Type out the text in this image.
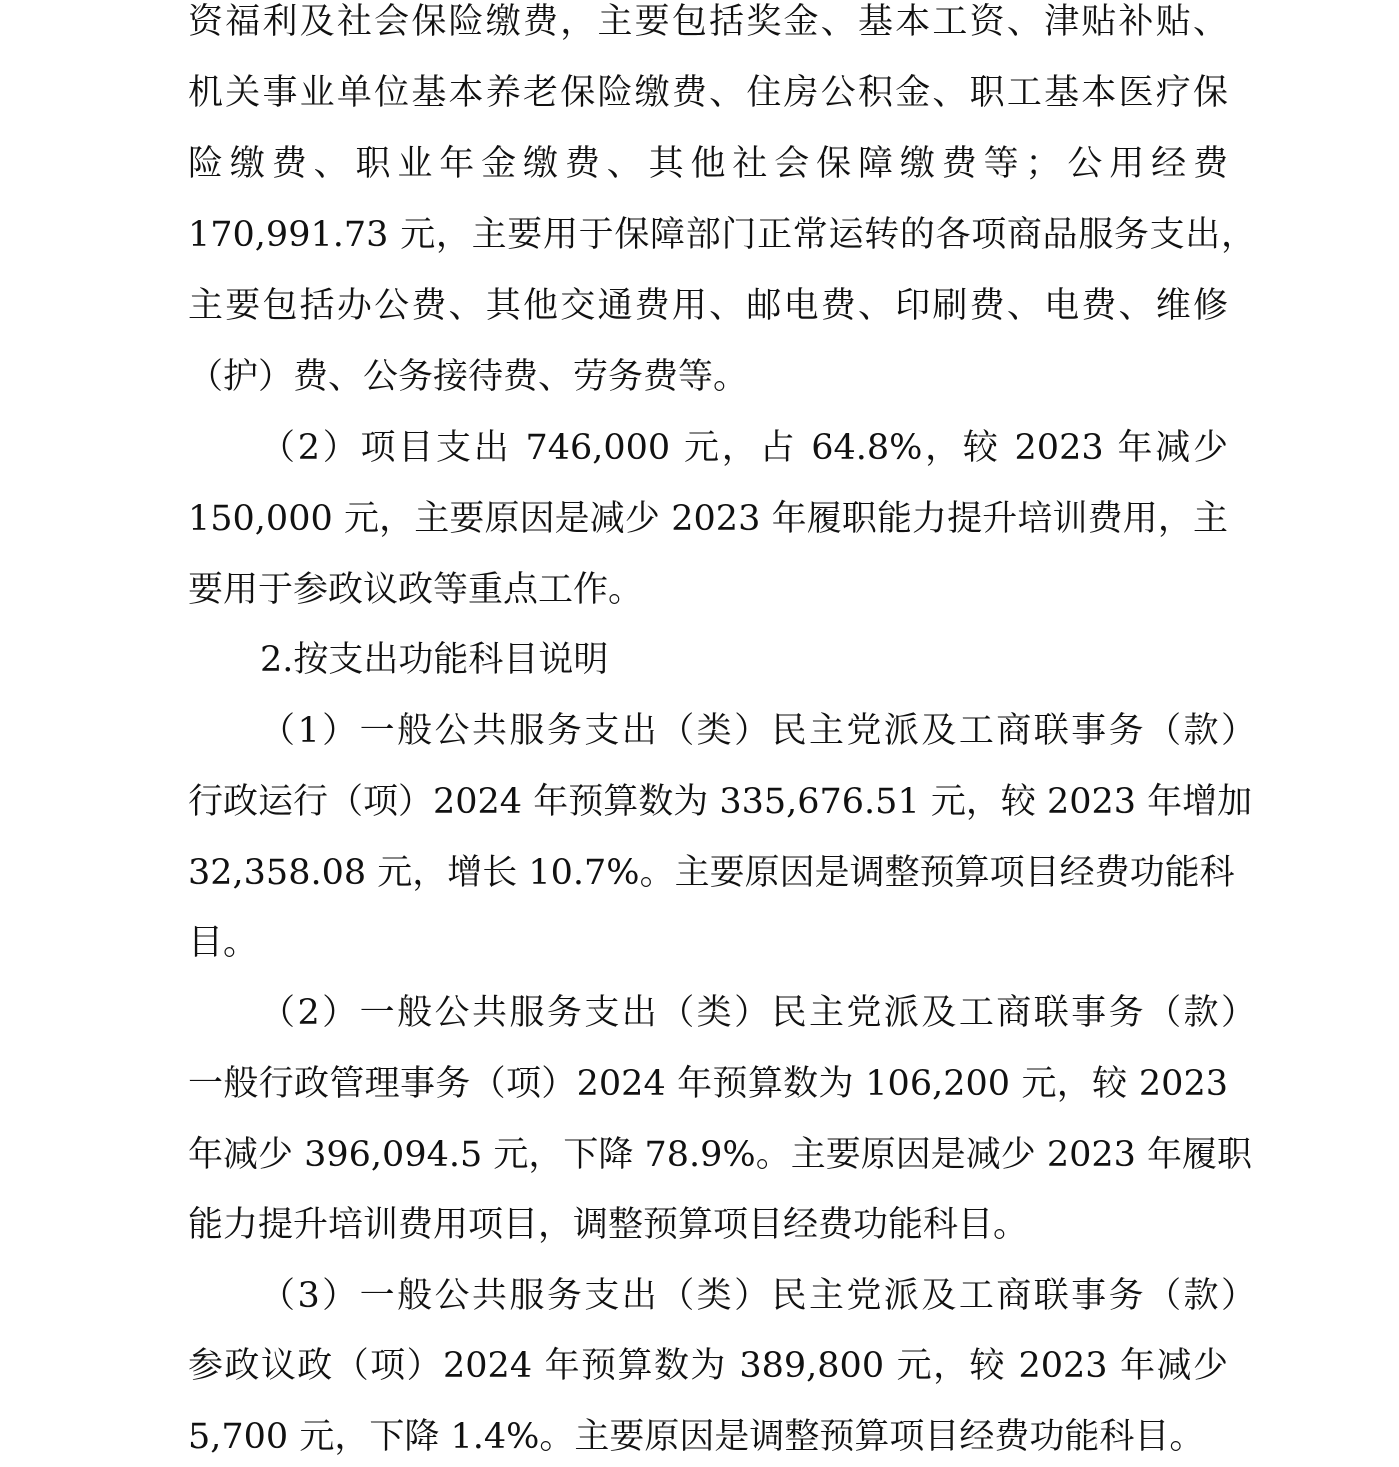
资福利及社会保险缴费，主要包括奖金、基本工资、津贴补贴、
机关事业单位基本养老保险缴费、住房公积金、职工基本医疗保
险缴费、职业年金缴费、其他社会保障缴费等；公用经费
170,991.73 元，主要用于保障部门正常运转的各项商品服务支出，
主要包括办公费、其他交通费用、邮电费、印刷费、电费、维修
（护）费、公务接待费、劳务费等。
（2）项目支出 746,000 元，占 64.8%，较 2023 年减少
150,000 元，主要原因是减少 2023 年履职能力提升培训费用，主
要用于参政议政等重点工作。
2.按支出功能科目说明
（1）一般公共服务支出（类）民主党派及工商联事务（款）
行政运行（项）2024 年预算数为 335,676.51 元，较 2023 年增加
32,358.08 元，增长 10.7%。主要原因是调整预算项目经费功能科
目。
（2）一般公共服务支出（类）民主党派及工商联事务（款）
一般行政管理事务（项）2024 年预算数为 106,200 元，较 2023
年减少 396,094.5 元，下降 78.9%。主要原因是减少 2023 年履职
能力提升培训费用项目，调整预算项目经费功能科目。
（3）一般公共服务支出（类）民主党派及工商联事务（款）
参政议政（项）2024 年预算数为 389,800 元，较 2023 年减少
5,700 元，下降 1.4%。主要原因是调整预算项目经费功能科目。
